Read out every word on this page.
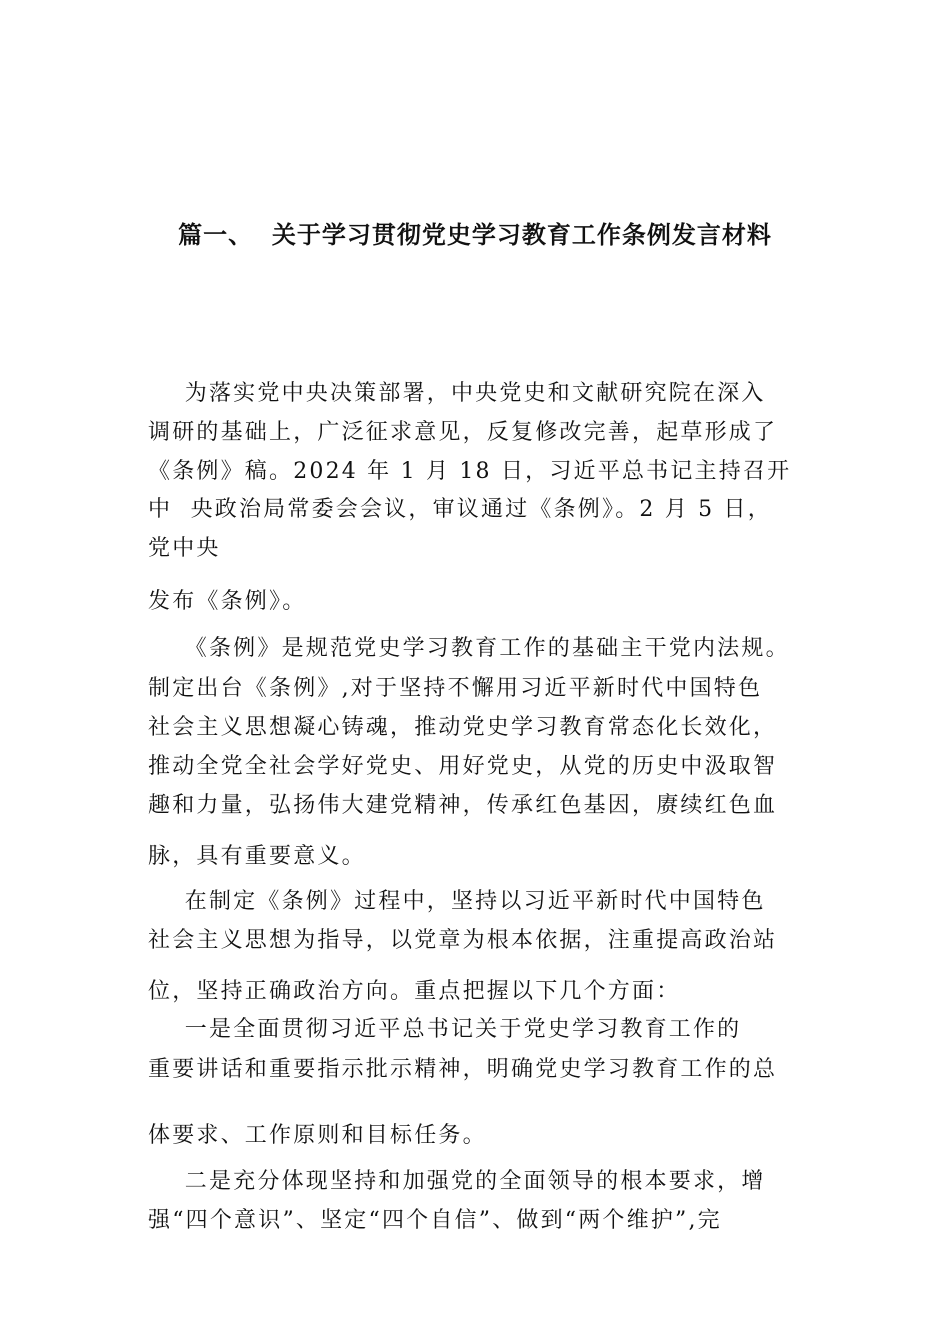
篇一、  关于学习贯彻党史学习教育工作条例发言材料
为落实党中央决策部署，中央党史和文献研究院在深入
调研的基础上，广泛征求意见，反复修改完善，起草形成了
《条例》稿。2024 年 1 月 18 日，习近平总书记主持召开
中  央政治局常委会会议，审议通过《条例》。2 月 5 日，
党中央
发布《条例》。
《条例》是规范党史学习教育工作的基础主干党内法规。
制定出台《条例》,对于坚持不懈用习近平新时代中国特色
社会主义思想凝心铸魂，推动党史学习教育常态化长效化，
推动全党全社会学好党史、用好党史，从党的历史中汲取智
趣和力量，弘扬伟大建党精神，传承红色基因，赓续红色血
脉，具有重要意义。
在制定《条例》过程中，坚持以习近平新时代中国特色
社会主义思想为指导，以党章为根本依据，注重提高政治站
位，坚持正确政治方向。重点把握以下几个方面：
一是全面贯彻习近平总书记关于党史学习教育工作的
重要讲话和重要指示批示精神，明确党史学习教育工作的总
体要求、工作原则和目标任务。
二是充分体现坚持和加强党的全面领导的根本要求，增
强“四个意识”、坚定“四个自信”、做到“两个维护”,完
